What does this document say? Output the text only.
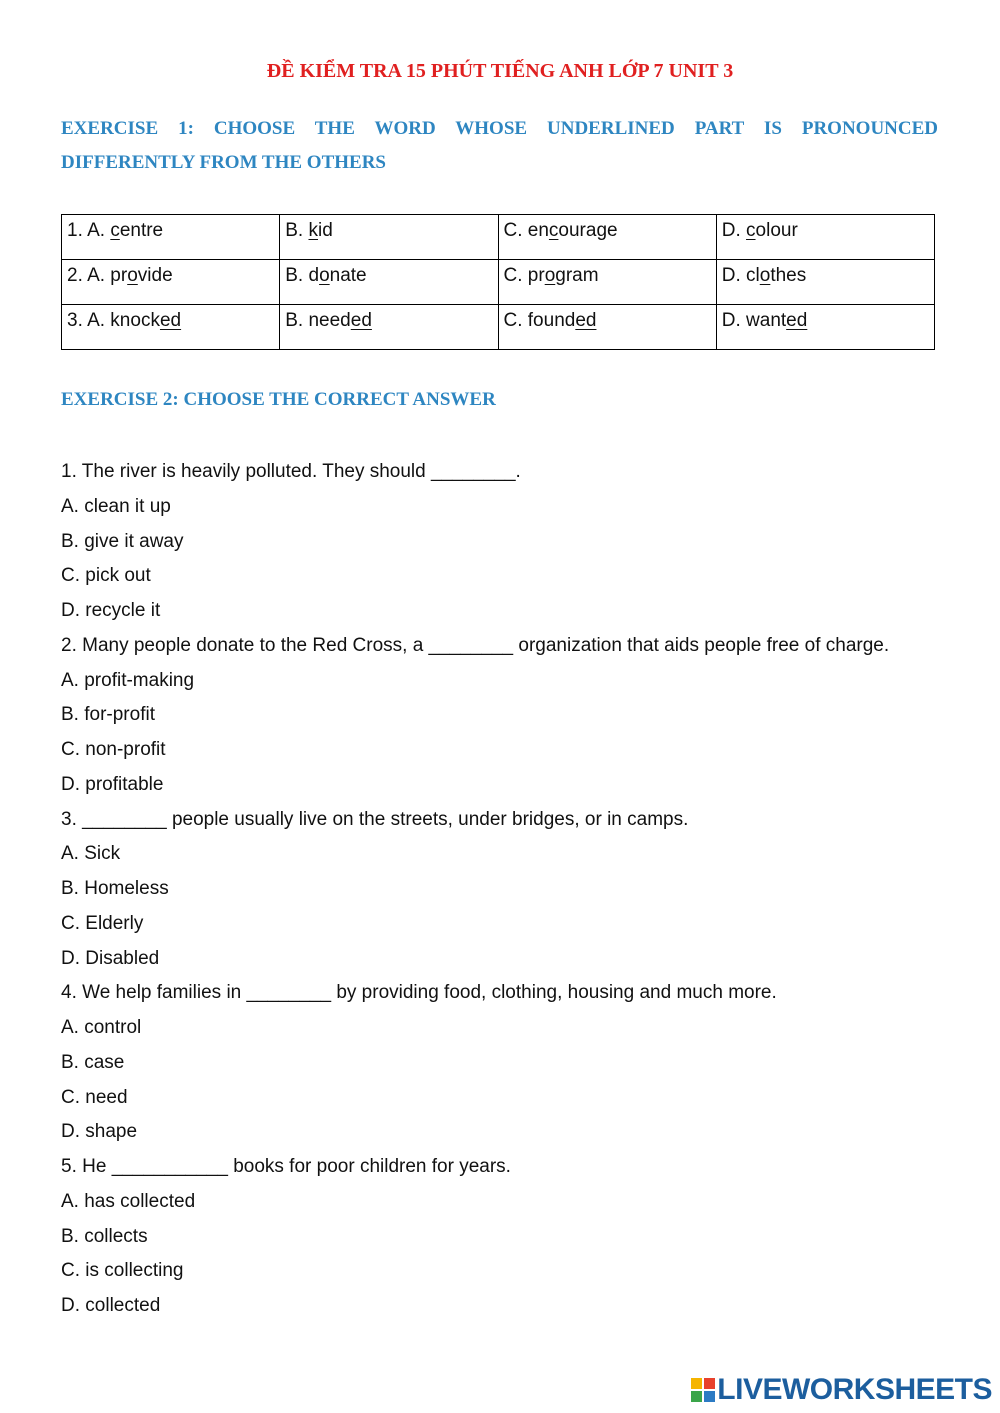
ĐỀ KIỂM TRA 15 PHÚT TIẾNG ANH LỚP 7 UNIT 3
EXERCISE 1: CHOOSE THE WORD WHOSE UNDERLINED PART IS PRONOUNCED
DIFFERENTLY FROM THE OTHERS
1. A. centre	B. kid	C. encourage	D. colour
2. A. provide	B. donate	C. program	D. clothes
3. A. knocked	B. needed	C. founded	D. wanted
EXERCISE 2: CHOOSE THE CORRECT ANSWER
1. The river is heavily polluted. They should ________.
A. clean it up
B. give it away
C. pick out
D. recycle it
2. Many people donate to the Red Cross, a ________ organization that aids people free of charge.
A. profit-making
B. for-profit
C. non-profit
D. profitable
3. ________ people usually live on the streets, under bridges, or in camps.
A. Sick
B. Homeless
C. Elderly
D. Disabled
4. We help families in ________ by providing food, clothing, housing and much more.
A. control
B. case
C. need
D. shape
5. He ___________ books for poor children for years.
A. has collected
B. collects
C. is collecting
D. collected
LIVEWORKSHEETS
